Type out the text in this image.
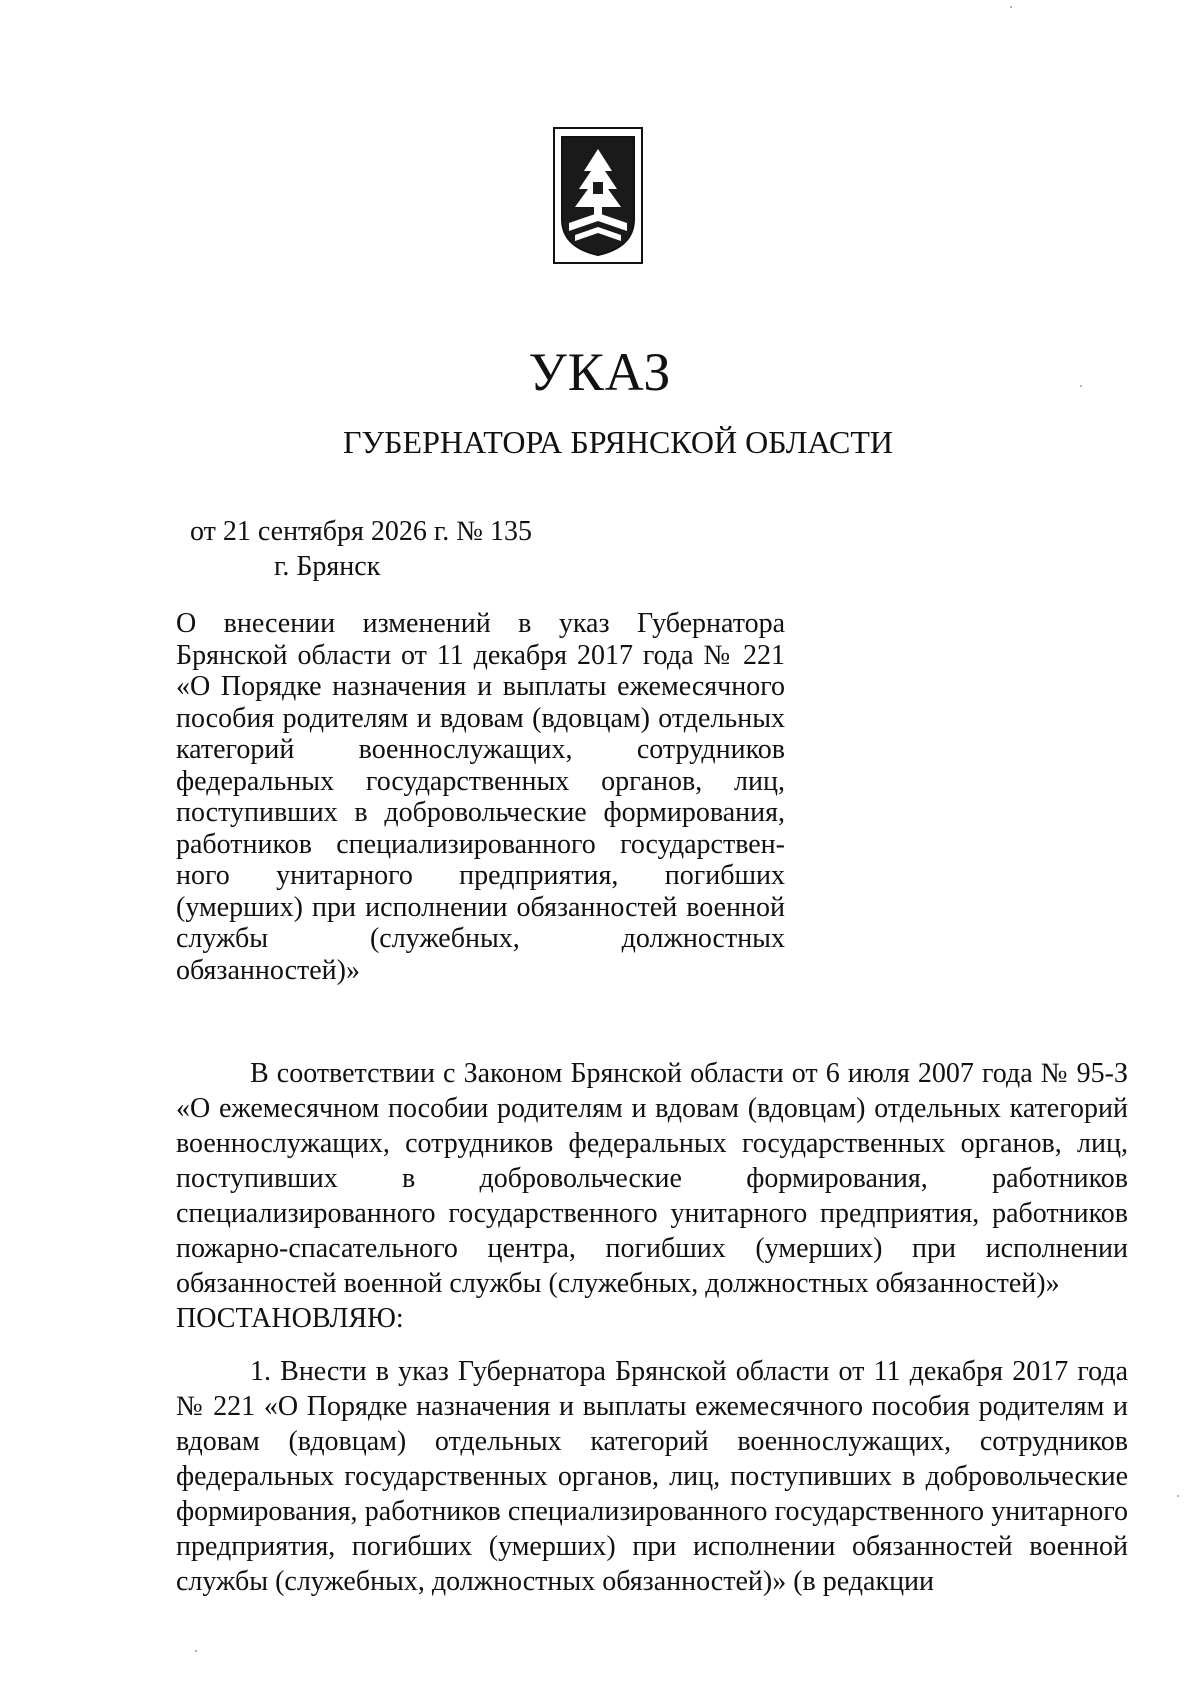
УКАЗ
ГУБЕРНАТОРА БРЯНСКОЙ ОБЛАСТИ
от 21 сентября 2026 г. № 135
г. Брянск
О внесении изменений в указ Губернатора Брянской области от 11 декабря 2017 года № 221 «О Порядке назначения и выплаты ежемесячного пособия родителям и вдовам (вдовцам) отдельных категорий военнослужащих, сотрудников федеральных государственных органов, лиц, поступивших в добровольческие формирования, работников специализированного государственного унитарного предприятия, погибших (умерших) при исполнении обязанностей военной службы (служебных, должностных обязанностей)»

В соответствии с Законом Брянской области от 6 июля 2007 года № 95-З «О ежемесячном пособии родителям и вдовам (вдовцам) отдельных категорий военнослужащих, сотрудников федеральных государственных органов, лиц, поступивших в добровольческие формирования, работников специализированного государственного унитарного предприятия, работников пожарно-спасательного центра, погибших (умерших) при исполнении обязанностей военной службы (служебных, должностных обязанностей)»

ПОСТАНОВЛЯЮ:

1. Внести в указ Губернатора Брянской области от 11 декабря 2017 года № 221 «О Порядке назначения и выплаты ежемесячного пособия родителям и вдовам (вдовцам) отдельных категорий военнослужащих, сотрудников федеральных государственных органов, лиц, поступивших в добровольческие формирования, работников специализированного государственного унитарного предприятия, погибших (умерших) при исполнении обязанностей военной службы (служебных, должностных обязанностей)» (в редакции
